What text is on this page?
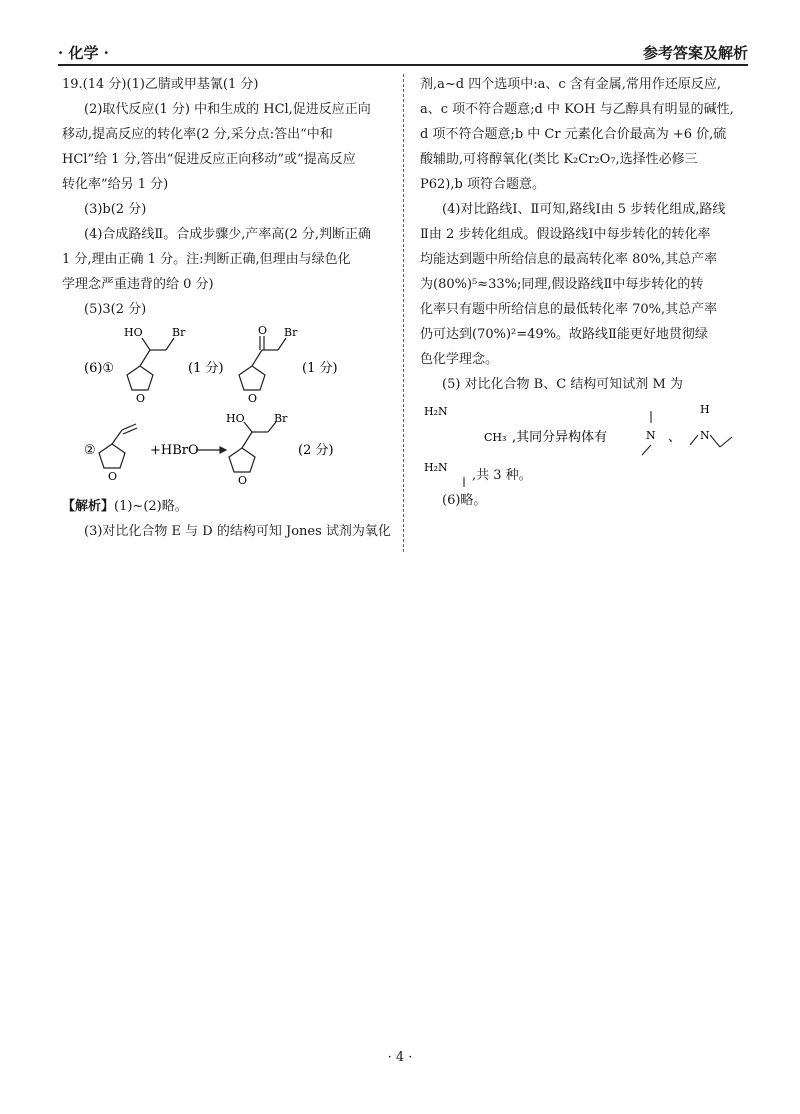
· 化学 ·	参考答案及解析
19.(14 分)(1)乙腈或甲基氰(1 分)
(2)取代反应(1 分) 中和生成的 HCl,促进反应正向
移动,提高反应的转化率(2 分,采分点:答出“中和
HCl”给 1 分,答出“促进反应正向移动”或“提高反应
转化率”给另 1 分)
(3)b(2 分)
(4)合成路线Ⅱ。合成步骤少,产率高(2 分,判断正确
1 分,理由正确 1 分。注:判断正确,但理由与绿色化
学理念严重违背的给 0 分)
(5)3(2 分)
(6)①
HO	Br
O
(1 分)
O Br
O
(1 分)
②
O
+HBrO
HO	Br
O
(2 分)
【解析】(1)~(2)略。
(3)对比化合物 E 与 D 的结构可知 Jones 试剂为氧化
剂,a~d 四个选项中:a、c 含有金属,常用作还原反应,
a、c 项不符合题意;d 中 KOH 与乙醇具有明显的碱性,
d 项不符合题意;b 中 Cr 元素化合价最高为 +6 价,硫
酸辅助,可将醇氧化(类比 K₂Cr₂O₇,选择性必修三
P62),b 项符合题意。
(4)对比路线Ⅰ、Ⅱ可知,路线Ⅰ由 5 步转化组成,路线
Ⅱ由 2 步转化组成。假设路线Ⅰ中每步转化的转化率
均能达到题中所给信息的最高转化率 80%,其总产率
为(80%)⁵≈33%;同理,假设路线Ⅱ中每步转化的转
化率只有题中所给信息的最低转化率 70%,其总产率
仍可达到(70%)²=49%。故路线Ⅱ能更好地贯彻绿
色化学理念。
(5) 对比化合物 B、C 结构可知试剂 M 为
H₂N
CH₃ ,其同分异构体有	N 、
H
N
H₂N
,共 3 种。
(6)略。
· 4 ·
